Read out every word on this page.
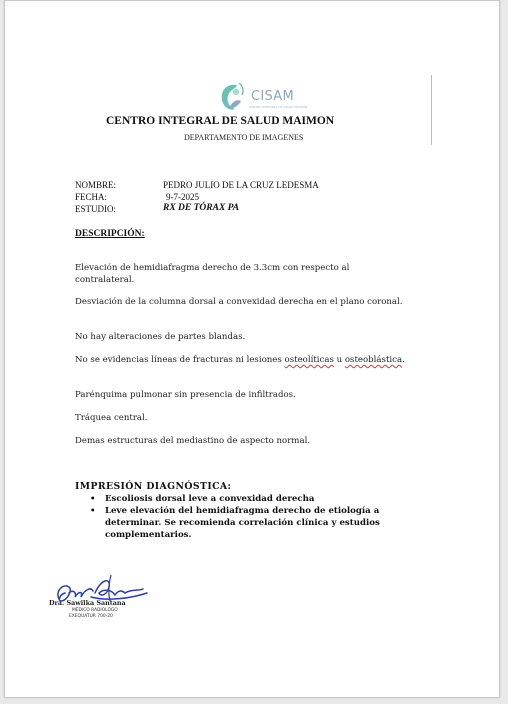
CISAM
CENTRO INTEGRAL DE SALUD MAIMON
CENTRO INTEGRAL DE SALUD MAIMON
DEPARTAMENTO DE IMAGENES
NOMBRE:	PEDRO JULIO DE LA CRUZ LEDESMA
FECHA:	9-7-2025
ESTUDIO:	RX DE TÓRAX PA
DESCRIPCIÓN:
Elevación de hemidiafragma derecho de 3.3cm con respecto al contralateral.
Desviación de la columna dorsal a convexidad derecha en el plano coronal.
No hay alteraciones de partes blandas.
No se evidencias líneas de fracturas ni lesiones osteolíticas u osteoblástica.
Parénquima pulmonar sin presencia de infiltrados.
Tráquea central.
Demas estructuras del mediastino de aspecto normal.
IMPRESIÓN DIAGNÓSTICA:
• Escoliosis dorsal leve a convexidad derecha
• Leve elevación del hemidiafragma derecho de etiología a determinar. Se recomienda correlación clínica y estudios complementarios.
Dra. Sawilka Santana
MÉDICO RADIÓLOGO
EXEQUATUR 700-20
